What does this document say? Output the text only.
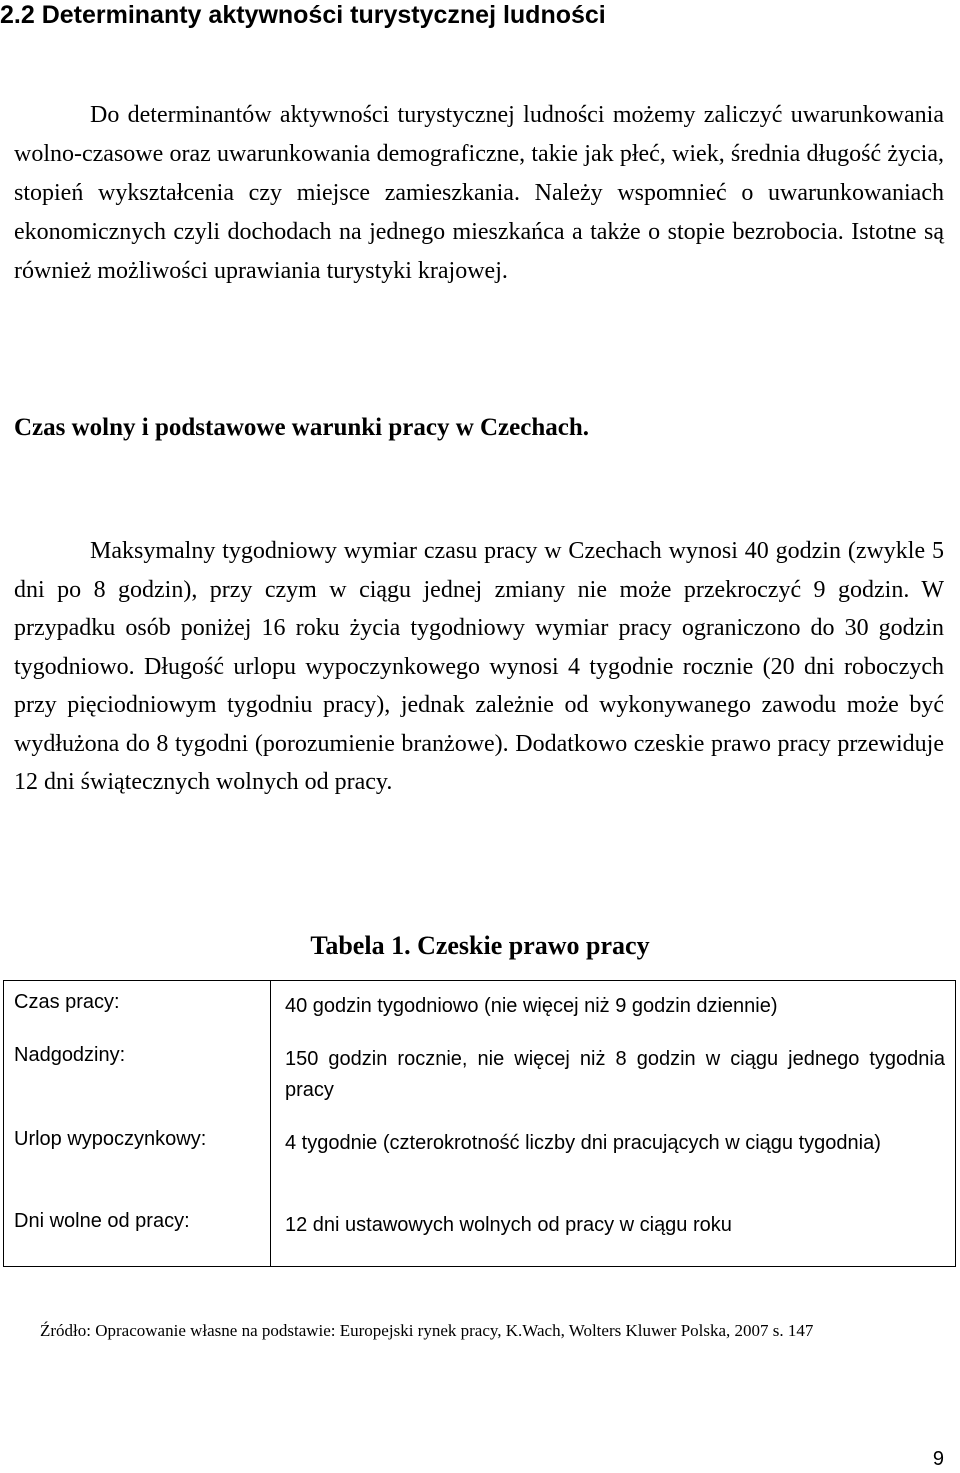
2.2 Determinanty aktywności turystycznej ludności

Do determinantów aktywności turystycznej ludności możemy zaliczyć uwarunkowania wolno-czasowe oraz uwarunkowania demograficzne, takie jak płeć, wiek, średnia długość życia, stopień wykształcenia czy miejsce zamieszkania. Należy wspomnieć o uwarunkowaniach ekonomicznych czyli dochodach na jednego mieszkańca a także o stopie bezrobocia. Istotne są również możliwości uprawiania turystyki krajowej.

Czas wolny i podstawowe warunki pracy w Czechach.

Maksymalny tygodniowy wymiar czasu pracy w Czechach wynosi 40 godzin (zwykle 5 dni po 8 godzin), przy czym w ciągu jednej zmiany nie może przekroczyć 9 godzin. W przypadku osób poniżej 16 roku życia tygodniowy wymiar pracy ograniczono do 30 godzin tygodniowo. Długość urlopu wypoczynkowego wynosi 4 tygodnie rocznie (20 dni roboczych przy pięciodniowym tygodniu pracy), jednak zależnie od wykonywanego zawodu może być wydłużona do 8 tygodni (porozumienie branżowe). Dodatkowo czeskie prawo pracy przewiduje 12 dni świątecznych wolnych od pracy.

Tabela 1. Czeskie prawo pracy
Czas pracy:	40 godzin tygodniowo (nie więcej niż 9 godzin dziennie)
Nadgodziny:	150 godzin rocznie, nie więcej niż 8 godzin w ciągu jednego tygodnia pracy
Urlop wypoczynkowy:	4 tygodnie (czterokrotność liczby dni pracujących w ciągu tygodnia)
Dni wolne od pracy:	12 dni ustawowych wolnych od pracy w ciągu roku

Źródło: Opracowanie własne na podstawie: Europejski rynek pracy, K.Wach, Wolters Kluwer Polska, 2007 s. 147

9
